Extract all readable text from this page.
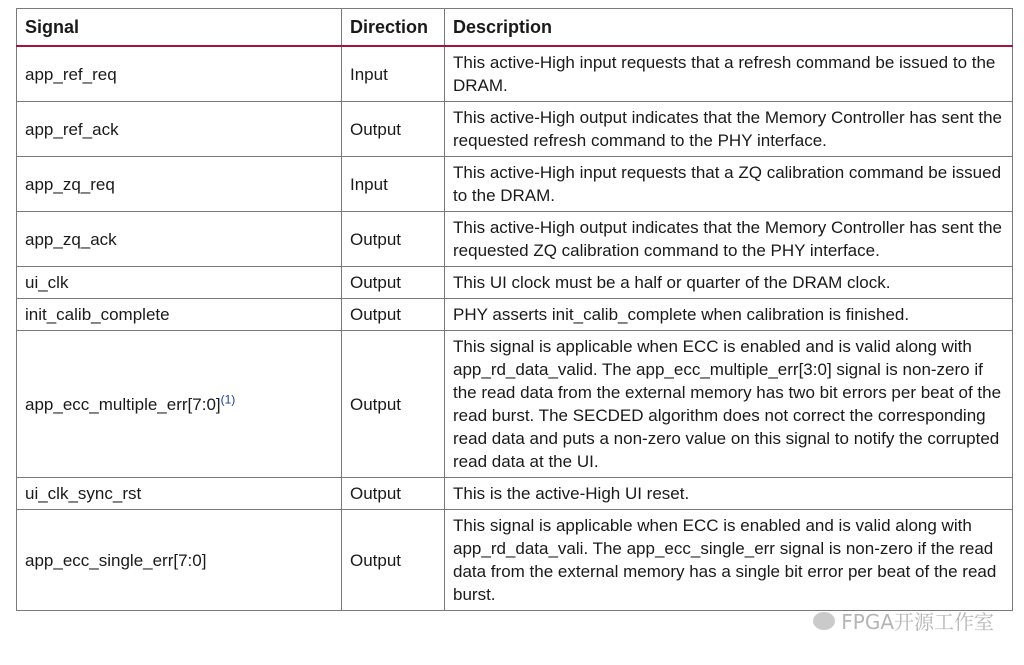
Signal	Direction	Description
app_ref_req	Input	This active-High input requests that a refresh command be issued to the DRAM.
app_ref_ack	Output	This active-High output indicates that the Memory Controller has sent the requested refresh command to the PHY interface.
app_zq_req	Input	This active-High input requests that a ZQ calibration command be issued to the DRAM.
app_zq_ack	Output	This active-High output indicates that the Memory Controller has sent the requested ZQ calibration command to the PHY interface.
ui_clk	Output	This UI clock must be a half or quarter of the DRAM clock.
init_calib_complete	Output	PHY asserts init_calib_complete when calibration is finished.
app_ecc_multiple_err[7:0]$^{(1)}$	Output	This signal is applicable when ECC is enabled and is valid along with app_rd_data_valid. The app_ecc_multiple_err[3:0] signal is non-zero if the read data from the external memory has two bit errors per beat of the read burst. The SECDED algorithm does not correct the corresponding read data and puts a non-zero value on this signal to notify the corrupted read data at the UI.
ui_clk_sync_rst	Output	This is the active-High UI reset.
app_ecc_single_err[7:0]	Output	This signal is applicable when ECC is enabled and is valid along with app_rd_data_vali. The app_ecc_single_err signal is non-zero if the read data from the external memory has a single bit error per beat of the read burst.
FPGA开源工作室
